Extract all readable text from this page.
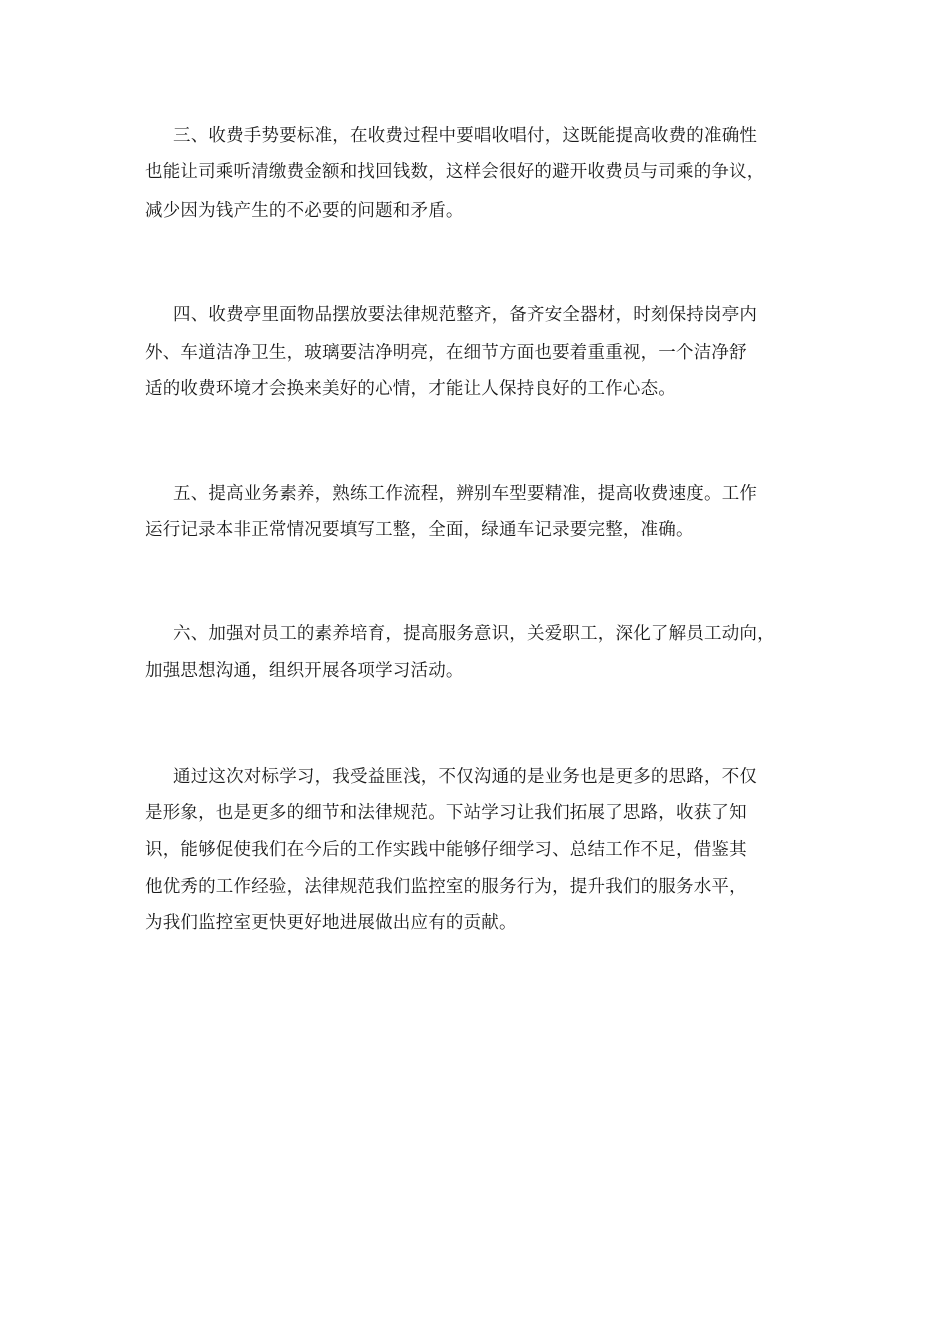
三、收费手势要标准，在收费过程中要唱收唱付，这既能提高收费的准确性
也能让司乘听清缴费金额和找回钱数，这样会很好的避开收费员与司乘的争议，
减少因为钱产生的不必要的问题和矛盾。
四、收费亭里面物品摆放要法律规范整齐，备齐安全器材，时刻保持岗亭内
外、车道洁净卫生，玻璃要洁净明亮，在细节方面也要着重重视，一个洁净舒
适的收费环境才会换来美好的心情，才能让人保持良好的工作心态。
五、提高业务素养，熟练工作流程，辨别车型要精准，提高收费速度。工作
运行记录本非正常情况要填写工整，全面，绿通车记录要完整，准确。
六、加强对员工的素养培育，提高服务意识，关爱职工，深化了解员工动向，
加强思想沟通，组织开展各项学习活动。
通过这次对标学习，我受益匪浅，不仅沟通的是业务也是更多的思路，不仅
是形象，也是更多的细节和法律规范。下站学习让我们拓展了思路，收获了知
识，能够促使我们在今后的工作实践中能够仔细学习、总结工作不足，借鉴其
他优秀的工作经验，法律规范我们监控室的服务行为，提升我们的服务水平，
为我们监控室更快更好地进展做出应有的贡献。
